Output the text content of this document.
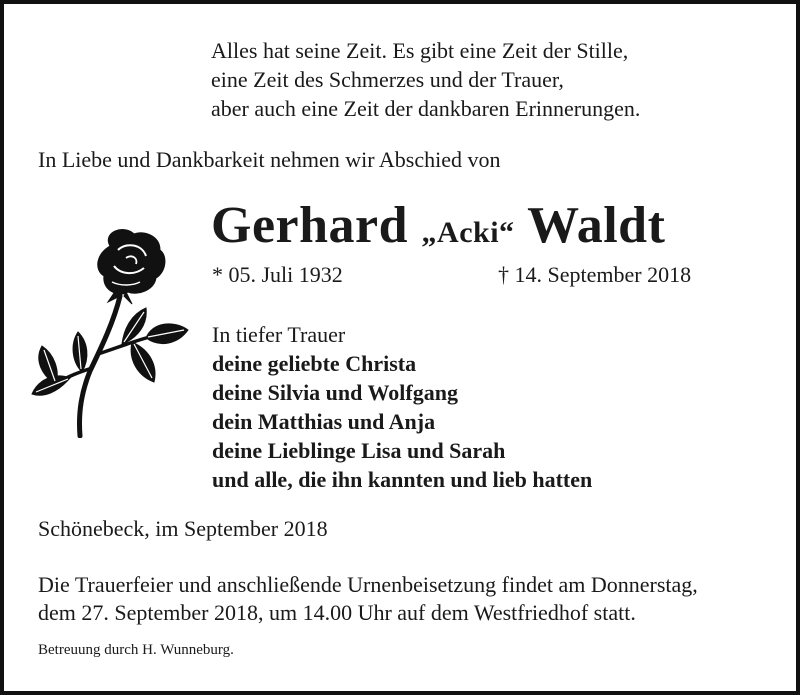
Alles hat seine Zeit. Es gibt eine Zeit der Stille,
eine Zeit des Schmerzes und der Trauer,
aber auch eine Zeit der dankbaren Erinnerungen.
In Liebe und Dankbarkeit nehmen wir Abschied von
Gerhard „Acki“ Waldt
* 05. Juli 1932	† 14. September 2018
In tiefer Trauer
deine geliebte Christa
deine Silvia und Wolfgang
dein Matthias und Anja
deine Lieblinge Lisa und Sarah
und alle, die ihn kannten und lieb hatten
Schönebeck, im September 2018
Die Trauerfeier und anschließende Urnenbeisetzung findet am Donnerstag,
dem 27. September 2018, um 14.00 Uhr auf dem Westfriedhof statt.
Betreuung durch H. Wunneburg.
